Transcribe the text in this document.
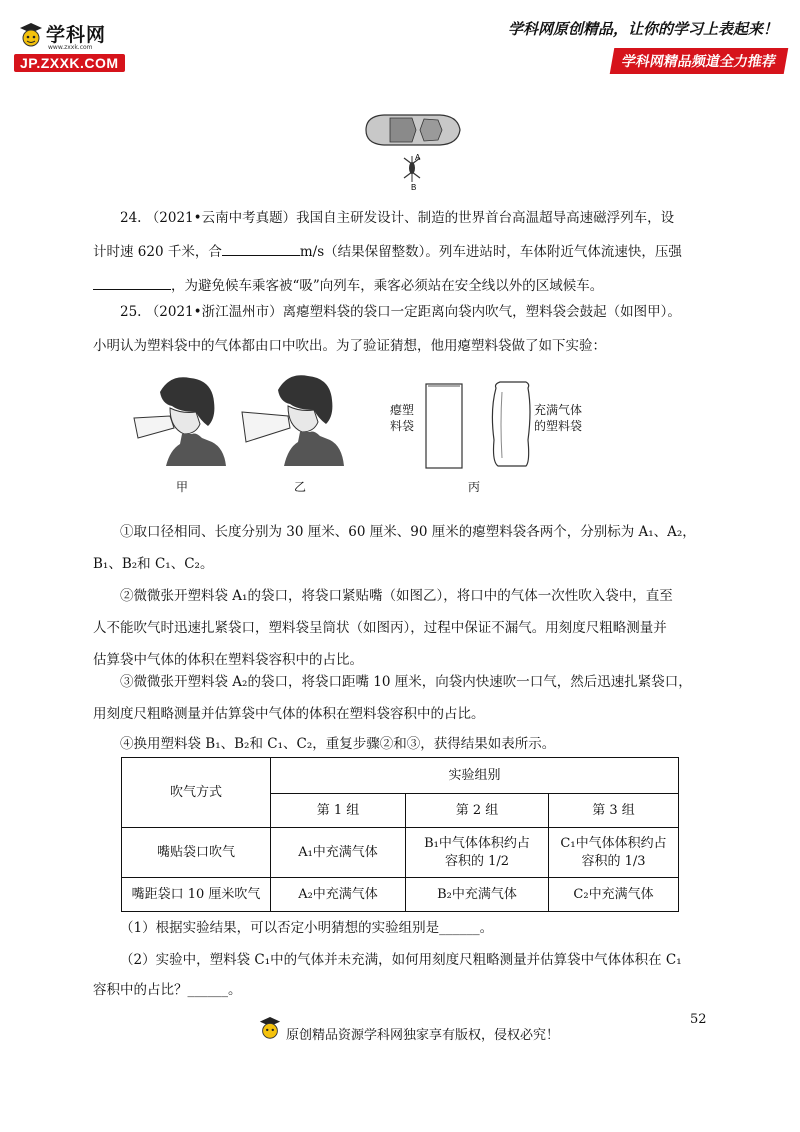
学科网
www.zxxk.com
JP.ZXXK.COM
学科网原创精品，让你的学习上表起来！
学科网精品频道全力推荐
A
B
24. （2021•云南中考真题）我国自主研发设计、制造的世界首台高温超导高速磁浮列车，设
计时速 620 千米，合	m/s（结果保留整数）。列车进站时，车体附近气体流速快，压强
，为避免候车乘客被“吸”向列车，乘客必须站在安全线以外的区域候车。
25. （2021•浙江温州市）离瘪塑料袋的袋口一定距离向袋内吹气，塑料袋会鼓起（如图甲）。
小明认为塑料袋中的气体都由口中吹出。为了验证猜想，他用瘪塑料袋做了如下实验：
甲	乙
瘪塑
料袋
充满气体
的塑料袋
丙
①取口径相同、长度分别为 30 厘米、60 厘米、90 厘米的瘪塑料袋各两个，分别标为 A₁、A₂，
B₁、B₂和 C₁、C₂。
②微微张开塑料袋 A₁的袋口，将袋口紧贴嘴（如图乙），将口中的气体一次性吹入袋中，直至
人不能吹气时迅速扎紧袋口，塑料袋呈筒状（如图丙），过程中保证不漏气。用刻度尺粗略测量并
估算袋中气体的体积在塑料袋容积中的占比。
③微微张开塑料袋 A₂的袋口，将袋口距嘴 10 厘米，向袋内快速吹一口气，然后迅速扎紧袋口，
用刻度尺粗略测量并估算袋中气体的体积在塑料袋容积中的占比。
④换用塑料袋 B₁、B₂和 C₁、C₂，重复步骤②和③，获得结果如表所示。
吹气方式	实验组别		
	第 1 组	第 2 组	第 3 组
嘴贴袋口吹气	A₁中充满气体	B₁中气体体积约占
容积的 1/2	C₁中气体体积约占
容积的 1/3
嘴距袋口 10 厘米吹气	A₂中充满气体	B₂中充满气体	C₂中充满气体
（1）根据实验结果，可以否定小明猜想的实验组别是______。
（2）实验中，塑料袋 C₁中的气体并未充满，如何用刻度尺粗略测量并估算袋中气体体积在 C₁
容积中的占比？______。
52
原创精品资源学科网独家享有版权，侵权必究！
